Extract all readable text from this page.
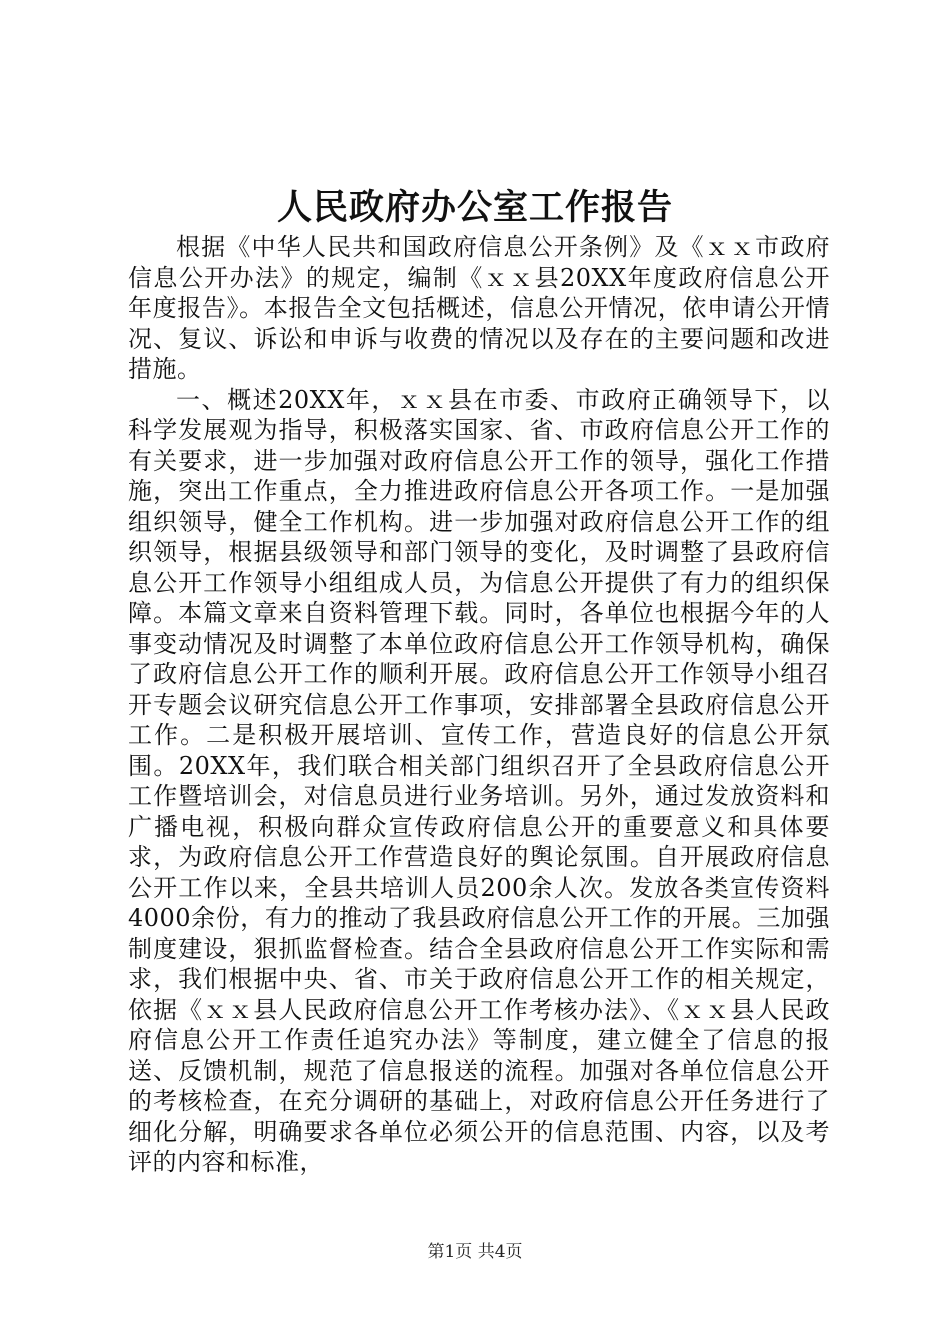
人民政府办公室工作报告

根据《中华人民共和国政府信息公开条例》及《ｘｘ市政府信息公开办法》的规定，编制《ｘｘ县20XX年度政府信息公开年度报告》。本报告全文包括概述，信息公开情况，依申请公开情况、复议、诉讼和申诉与收费的情况以及存在的主要问题和改进措施。

一、概述20XX年，ｘｘ县在市委、市政府正确领导下，以科学发展观为指导，积极落实国家、省、市政府信息公开工作的有关要求，进一步加强对政府信息公开工作的领导，强化工作措施，突出工作重点，全力推进政府信息公开各项工作。一是加强组织领导，健全工作机构。进一步加强对政府信息公开工作的组织领导，根据县级领导和部门领导的变化，及时调整了县政府信息公开工作领导小组组成人员，为信息公开提供了有力的组织保障。本篇文章来自资料管理下载。同时，各单位也根据今年的人事变动情况及时调整了本单位政府信息公开工作领导机构，确保了政府信息公开工作的顺利开展。政府信息公开工作领导小组召开专题会议研究信息公开工作事项，安排部署全县政府信息公开工作。二是积极开展培训、宣传工作，营造良好的信息公开氛围。20XX年，我们联合相关部门组织召开了全县政府信息公开工作暨培训会，对信息员进行业务培训。另外，通过发放资料和广播电视，积极向群众宣传政府信息公开的重要意义和具体要求，为政府信息公开工作营造良好的舆论氛围。自开展政府信息公开工作以来，全县共培训人员200余人次。发放各类宣传资料4000余份，有力的推动了我县政府信息公开工作的开展。三加强制度建设，狠抓监督检查。结合全县政府信息公开工作实际和需求，我们根据中央、省、市关于政府信息公开工作的相关规定，依据《ｘｘ县人民政府信息公开工作考核办法》、《ｘｘ县人民政府信息公开工作责任追究办法》等制度，建立健全了信息的报送、反馈机制，规范了信息报送的流程。加强对各单位信息公开的考核检查，在充分调研的基础上，对政府信息公开任务进行了细化分解，明确要求各单位必须公开的信息范围、内容，以及考评的内容和标准，

第1页 共4页
